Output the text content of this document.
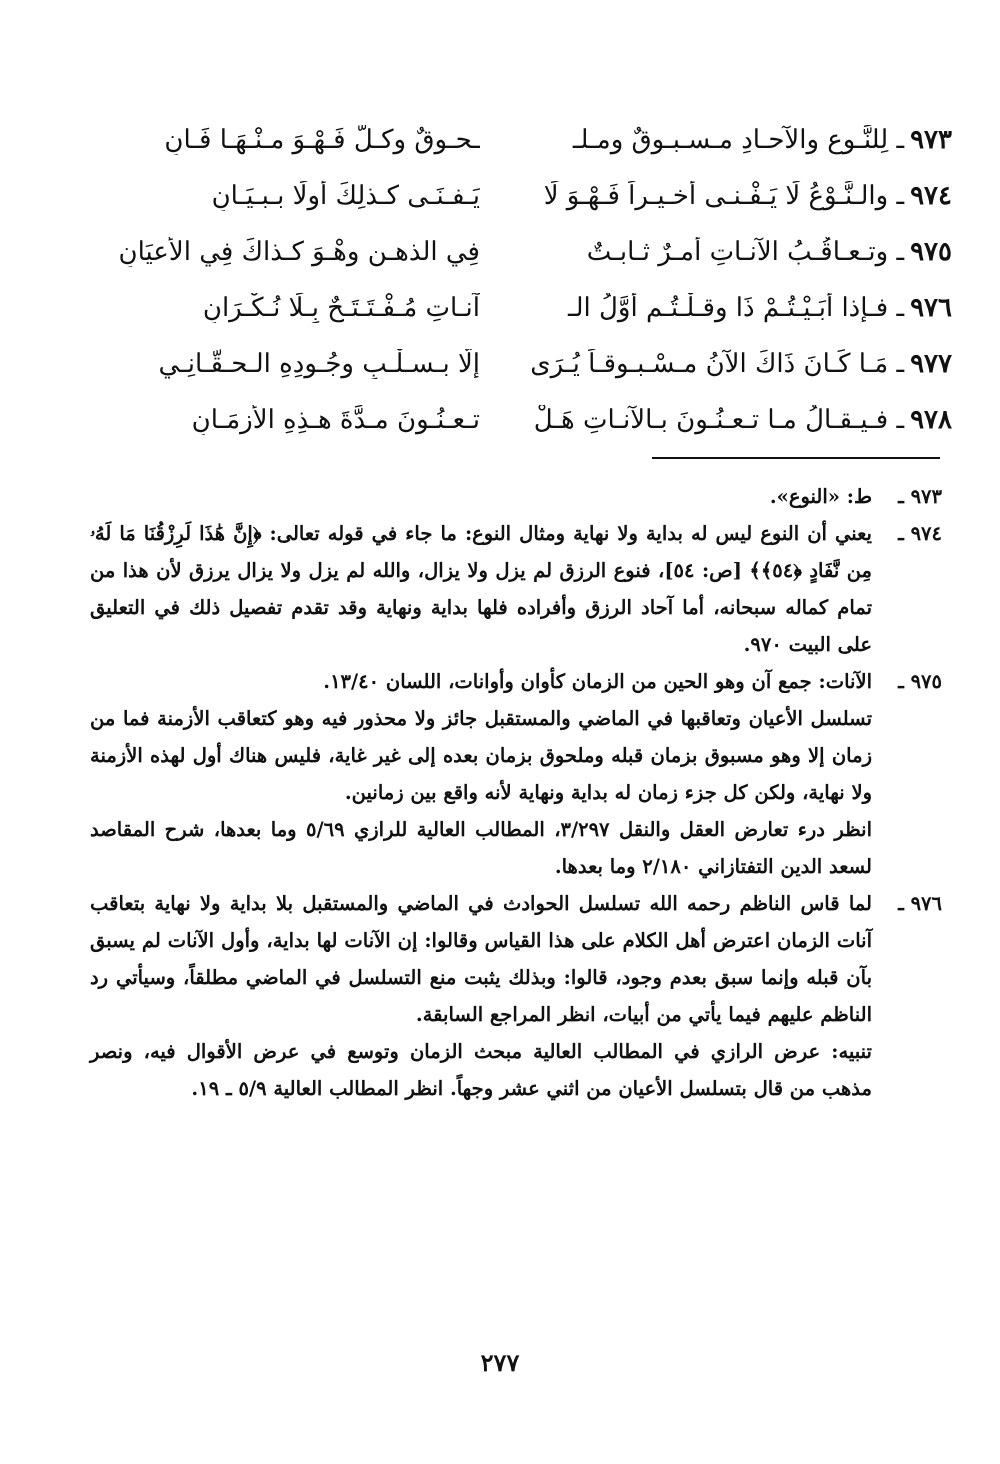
٩٧٣ـ لِلنَّـوعِ والآحـادِ مـسـبـوقٌ ومـلـ
ـحـوقٌ وكـلٌّ فَـهْـوَ مـنْـهَـا فَـانِ
٩٧٤ـ والـنَّـوْعُ لَا يَـفْـنـى أخـيـراً فَـهْـوَ لَا
يَـفـنَـى كـذلِكَ أولًا بـبـيَـانِ
٩٧٥ـ وتـعـاقُـبُ الآنـاتِ أمـرٌ ثـابـتٌ
فِي الذهـنِ وهْـوَ كـذاكَ فِي الأعيَانِ
٩٧٦ـ فـإذا أبَـيْـتُـمْ ذَا وقـلْـتُـم أوَّلُ الـ
آنـاتِ مُـفْـتَـتَـحٌ بِـلَا نُـكْـرَانِ
٩٧٧ـ مَـا كَـانَ ذَاكَ الآنُ مـسْـبـوقـاً يُـرَى
إلَّا بـسـلْـبِ وجُـودِهِ الـحـقَّـانِـي
٩٧٨ـ فـيـقـالُ مـا تـعـنُـونَ بـالآنـاتِ هَـلْ
تـعـنُـونَ مـدَّةَ هـذِهِ الأزمَـانِ
٩٧٣ ـ

ط: «النوع».

٩٧٤ ـ

يعني أن النوع ليس له بداية ولا نهاية ومثال النوع: ما جاء في قوله تعالى: ﴿إِنَّ هَٰذَا لَرِزْقُنَا مَا لَهُۥ مِن نَّفَادٍ ﴿٥٤﴾﴾ [ص: ٥٤]، فنوع الرزق لم يزل ولا يزال، والله لم يزل ولا يزال يرزق لأن هذا من تمام كماله سبحانه، أما آحاد الرزق وأفراده فلها بداية ونهاية وقد تقدم تفصيل ذلك في التعليق على البيت ٩٧٠.

٩٧٥ ـ

الآنات: جمع آن وهو الحين من الزمان كأوان وأوانات، اللسان ١٣/٤٠.

تسلسل الأعيان وتعاقبها في الماضي والمستقبل جائز ولا محذور فيه وهو كتعاقب الأزمنة فما من زمان إلا وهو مسبوق بزمان قبله وملحوق بزمان بعده إلى غير غاية، فليس هناك أول لهذه الأزمنة ولا نهاية، ولكن كل جزء زمان له بداية ونهاية لأنه واقع بين زمانين.

انظر درء تعارض العقل والنقل ٣/٢٩٧، المطالب العالية للرازي ٥/٦٩ وما بعدها، شرح المقاصد لسعد الدين التفتازاني ٢/١٨٠ وما بعدها.

٩٧٦ ـ

لما قاس الناظم رحمه الله تسلسل الحوادث في الماضي والمستقبل بلا بداية ولا نهاية بتعاقب آنات الزمان اعترض أهل الكلام على هذا القياس وقالوا: إن الآنات لها بداية، وأول الآنات لم يسبق بآن قبله وإنما سبق بعدم وجود، قالوا: وبذلك يثبت منع التسلسل في الماضي مطلقاً، وسيأتي رد الناظم عليهم فيما يأتي من أبيات، انظر المراجع السابقة.

تنبيه: عرض الرازي في المطالب العالية مبحث الزمان وتوسع في عرض الأقوال فيه، ونصر مذهب من قال بتسلسل الأعيان من اثني عشر وجهاً. انظر المطالب العالية ٥/٩ ـ ١٩.

٢٧٧
